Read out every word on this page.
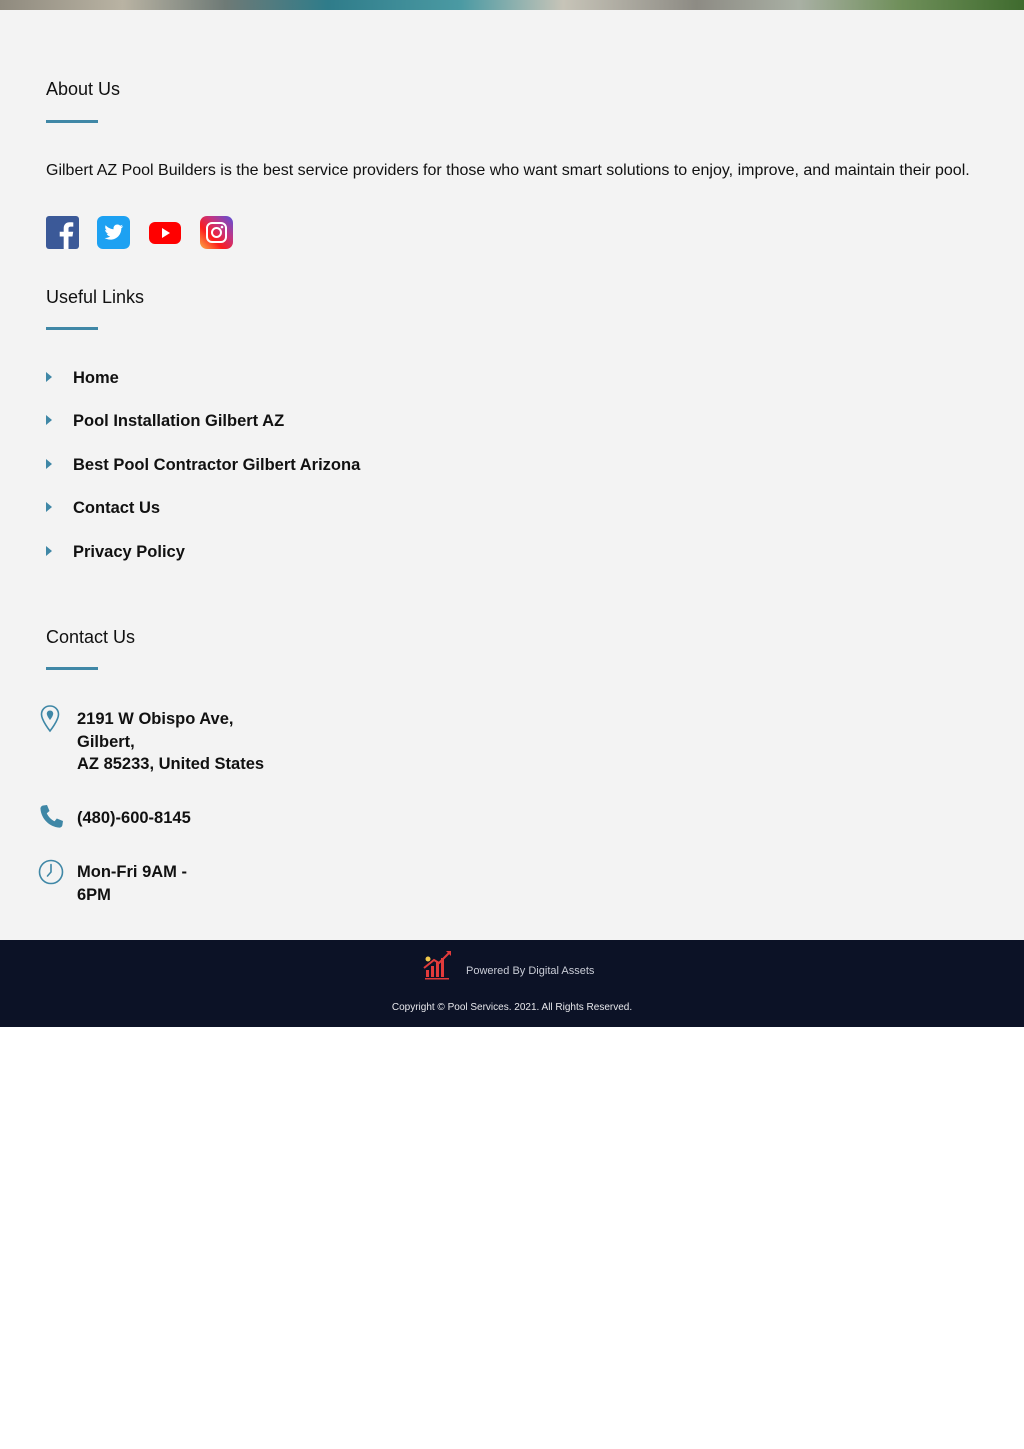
About Us
Gilbert AZ Pool Builders is the best service providers for those who want smart solutions to enjoy, improve, and maintain their pool.
Useful Links
Home
Pool Installation Gilbert AZ
Best Pool Contractor Gilbert Arizona
Contact Us
Privacy Policy
Contact Us
2191 W Obispo Ave,
Gilbert,
AZ 85233, United States
(480)-600-8145
Mon-Fri 9AM -
6PM
Powered By Digital Assets
Copyright © Pool Services. 2021. All Rights Reserved.
